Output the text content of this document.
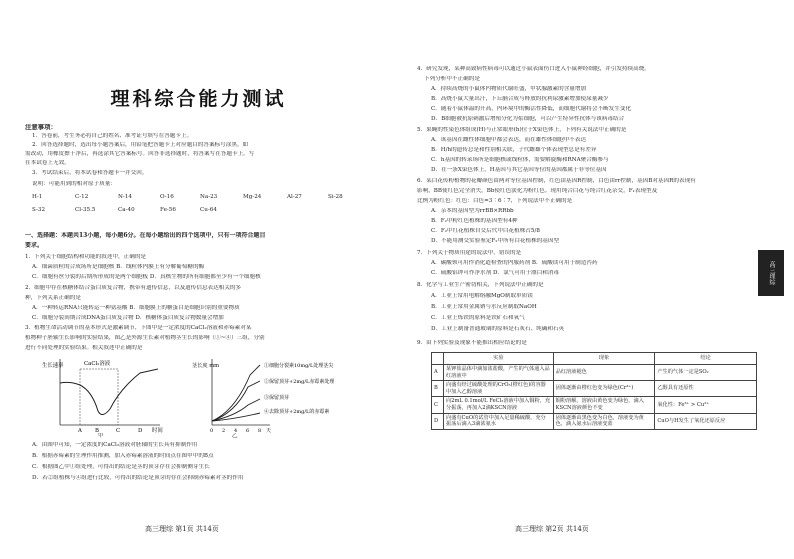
理科综合能力测试
注意事项：
1．答卷前，考生务必将自己的姓名、准考证号填写在答题卡上。
2．回答选择题时，选出每小题答案后，用铅笔把答题卡上对应题目的答案标号涂黑。如
需改动，用橡皮擦干净后，再选涂其它答案标号。回答非选择题时，将答案写在答题卡上。写
在本试卷上无效。
3．考试结束后，将本试卷和答题卡一并交回。
说明：可能用到的相对原子质量：
H-1	C-12	N-14	O-16	Na-23	Mg-24	Al-27	Si-28
S-32	Cl-35.5	Ca-40	Fe-56	Cu-64
一、选择题：本题共13小题，每小题6分。在每小题给出的四个选项中，只有一项符合题目
要求。
1．下列关于细胞结构和功能的叙述中，正确的是
A．细菌质粒的合成场所是细胞核 B．线粒体内膜上有分解葡萄糖的酶
C．细胞有丝分裂的后期所形成的是两个细胞板 D．真核生物的所有细胞都至少有一个细胞核
2．细胞中存在核糖体结合蛋白质复合物，携带有遗传信息，以及遗传信息表达相关的多
种，下列关系正确的是
A．一种转运RNA只能转运一种氨基酸 B．细胞膜上的糖蛋白是细胞识别的重要物质
C．细胞分裂间期合成DNA蛋白质复合物 D．核糖体蛋白质复合物数量会增加
3．植物生命活动调节的基本形式是激素调节，下图甲是一定浓度的CaCl₂溶液和赤霉素对某
植物种子胚轴生长影响的实验结果，图乙是外源生长素对植物茎生长的影响（①~④）三组，分别
进行不同处理的实验结果。相关叙述中正确的是
生长速率	CaCl₂溶液
A B	C	D 时间
甲
茎长度 mm	①细胞分裂素10mg/L处理茎尖
②保留顶芽+2mg/L赤霉素处理
③保留顶芽
④去除顶芽+2mg/L的赤霉素
0 2 4 6 8 天
乙
A．由图甲可知，一定浓度的CaCl₂溶液对胚轴的生长具有抑制作用
B．根据赤霉素的生理作用推测，加入赤霉素溶液的时间点在图甲中的B点
C．根据图乙中①组处理，可得出的结论是茎的顶芽存在会抑制侧芽生长
D．若②组植株与④组进行比较，可得出的结论是顶芽的存在会抑制赤霉素对茎的作用
高三理综 第1页 共14页
4．研究发现，某种高致病性病毒可以通过小鼠表面伤口进入小鼠神经细胞，并引发持续高烧。
下列分析中不正确的是
A．持续高烧的小鼠体内物质代谢旺盛，甲状腺激素的含量增加
B．高烧小鼠大量出汗，下丘脑合成与释放的抗利尿激素增加使尿量减少
C．随着小鼠体温的升高，内环境中的酶活性降低，而细胞代谢将会不断发生变化
D．B细胞被抗原刺激后增殖分化为浆细胞，可以产生特异性抗体与该病毒结合
5．果蝇的性染色体组成(H)与正常眼形(h)位于X染色体上，下列有关说法中正确的是
A．该基因在雌性体细胞中都会表达，而在雄性体细胞中不表达
B．H/h的遗传总是和性别相关联，子代雌雄个体表现型总是有差异
C．h基因的转录场所是细胞核或线粒体，需要解旋酶和RNA聚合酶参与
D．在一条X染色体上，H基因与其它基因等位的基因都属于非等位基因
6．某白花传粉植物的花瓣颜色由两对等位基因控制，红色由基因R控制，白色由rr控制，基因B对基因R的表现有
影响，BB使红色完全消失，Bb使红色淡化为粉红色。现用纯合白花与纯合红花杂交，F₁表现型及
比例为粉红色：红色：白色=3∶6∶7，下列说法中不正确的是
A．亲本的基因型为rrBB×RRbb
B．F₂中粉红色植株的基因型有4种
C．F₂中红花植株自交后代中白花植株占5/8
D．不能用测交实验鉴定F₂中所有白花植株的基因型
7．下列关于物质用途的说法中，错误的是
A．碳酸钡可用作消化道检查的内服药剂 B．硫酸镁可用于制造泻药
C．硫酸铝钾可作净水剂 D．氯气可用于漂白和消毒
8．化学与工业生产密切相关，下列说法中正确的是
A．工业上常用电解熔融MgO制取单质镁
B．工业上常用金属钠与水反应制取NaOH
C．工业上炼铁的原料是铁矿石和氧气
D．工业上制备普通玻璃的原料是石灰石、纯碱和石英
9．由下列实验及现象不能推出相应结论的是
高三理综 第2页 共14页
	实验	现象	结论
A	某钾盐晶体中滴加浓盐酸，产生的气体通入品红溶液中	品红溶液褪色	产生的气体一定是SO₂
B	向盛有经过硫酸处理的CrO₃(橙红色)的容器中加入乙醇溶液	固体逐渐由橙红色变为绿色(Cr³⁺)	乙醇具有还原性
C	向2mL 0.1mol/L FeCl₃溶液中加入铜粉，充分振荡，再加入2滴KSCN溶液	铜粉溶解，溶液由黄色变为绿色，滴入KSCN溶液颜色不变	氧化性：Fe³⁺ > Cu²⁺
D	向盛有CuO的试管中加入足量稀硫酸，充分振荡后滴入3滴浓氨水	固体逐渐由黑色变为白色，溶液变为黄色，滴入氨水后溶液变蓝	CuO与H发生了氧化还原反应
高三理综
